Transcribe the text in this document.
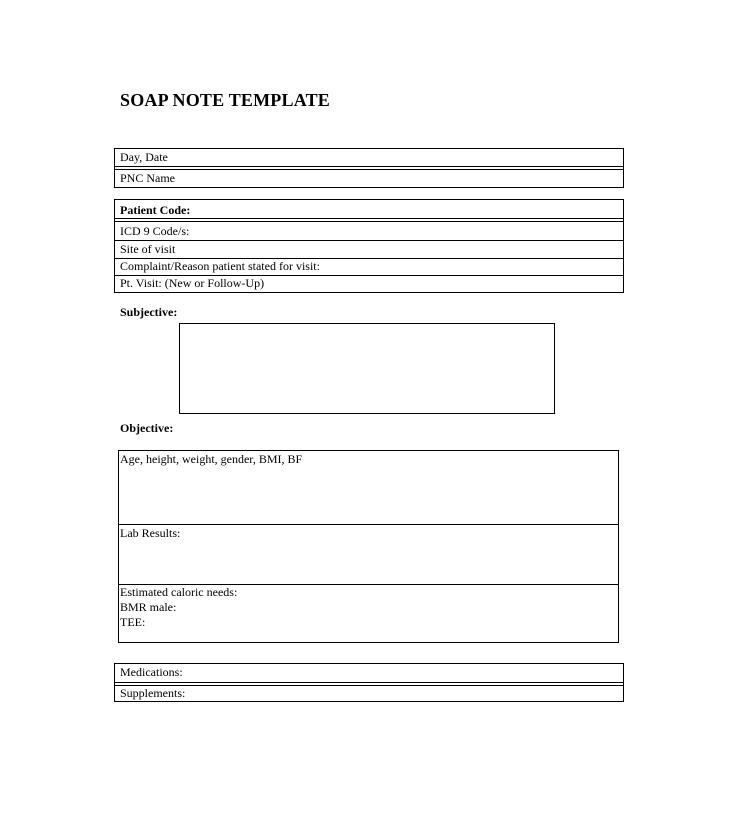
SOAP NOTE TEMPLATE
Day, Date
PNC Name
Patient Code:
ICD 9 Code/s:
Site of visit
Complaint/Reason patient stated for visit:
Pt. Visit: (New or Follow-Up)
Subjective:
Objective:
Age, height, weight, gender, BMI, BF
Lab Results:
Estimated caloric needs:
BMR male:
TEE:
Medications:
Supplements:
